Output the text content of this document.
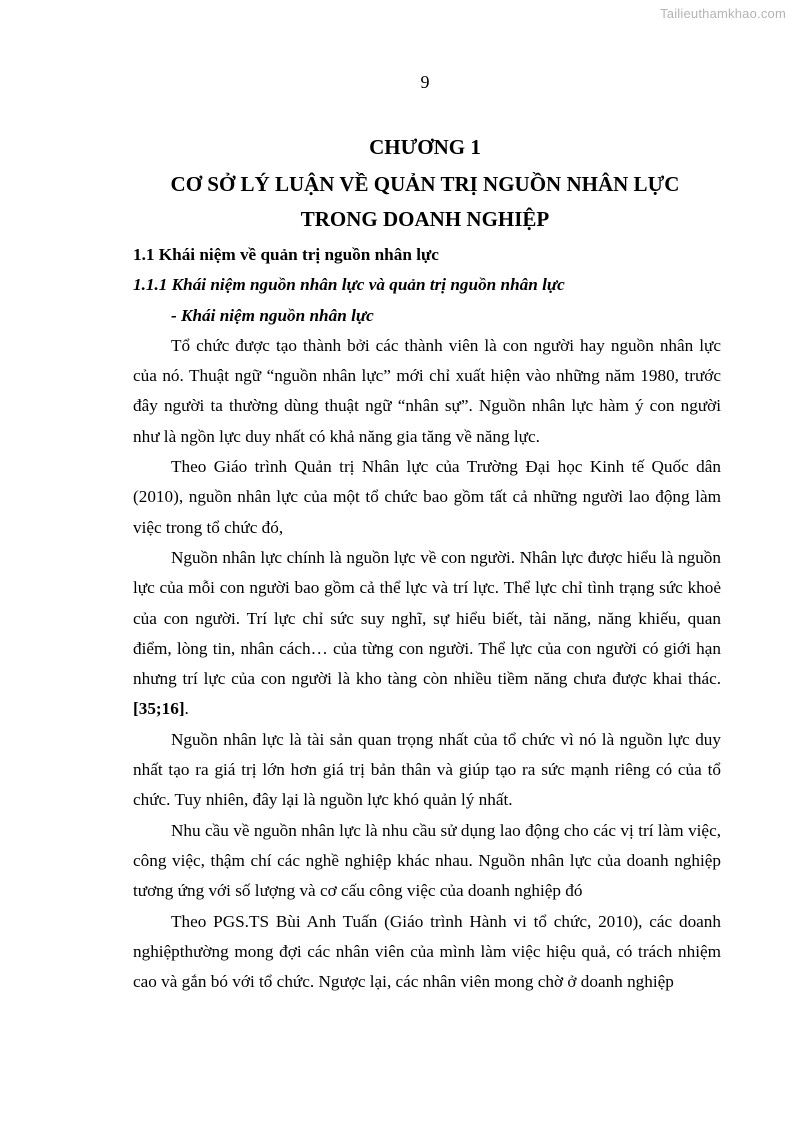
Tailieuthamkhao.com
9
CHƯƠNG 1
CƠ SỞ LÝ LUẬN VỀ QUẢN TRỊ NGUỒN NHÂN LỰC
TRONG DOANH NGHIỆP

1.1 Khái niệm về quản trị nguồn nhân lực

1.1.1 Khái niệm nguồn nhân lực và quản trị nguồn nhân lực

- Khái niệm nguồn nhân lực

Tổ chức được tạo thành bởi các thành viên là con người hay nguồn nhân lực của nó. Thuật ngữ “nguồn nhân lực” mới chỉ xuất hiện vào những năm 1980, trước đây người ta thường dùng thuật ngữ “nhân sự”. Nguồn nhân lực hàm ý con người như là ngồn lực duy nhất có khả năng gia tăng về năng lực.

Theo Giáo trình Quản trị Nhân lực của Trường Đại học Kinh tế Quốc dân (2010), nguồn nhân lực của một tổ chức bao gồm tất cả những người lao động làm việc trong tổ chức đó,

Nguồn nhân lực chính là nguồn lực về con người. Nhân lực được hiểu là nguồn lực của mỗi con người bao gồm cả thể lực và trí lực. Thể lực chỉ tình trạng sức khoẻ của con người. Trí lực chỉ sức suy nghĩ, sự hiểu biết, tài năng, năng khiếu, quan điểm, lòng tin, nhân cách… của từng con người. Thể lực của con người có giới hạn nhưng trí lực của con người là kho tàng còn nhiều tiềm năng chưa được khai thác.[35;16].

Nguồn nhân lực là tài sản quan trọng nhất của tổ chức vì nó là nguồn lực duy nhất tạo ra giá trị lớn hơn giá trị bản thân và giúp tạo ra sức mạnh riêng có của tổ chức. Tuy nhiên, đây lại là nguồn lực khó quản lý nhất.

Nhu cầu về nguồn nhân lực là nhu cầu sử dụng lao động cho các vị trí làm việc, công việc, thậm chí các nghề nghiệp khác nhau. Nguồn nhân lực của doanh nghiệp tương ứng với số lượng và cơ cấu công việc của doanh nghiệp đó

Theo PGS.TS Bùi Anh Tuấn (Giáo trình Hành vi tổ chức, 2010), các doanh nghiệpthường mong đợi các nhân viên của mình làm việc hiệu quả, có trách nhiệm cao và gắn bó với tổ chức. Ngược lại, các nhân viên mong chờ ở doanh nghiệp
